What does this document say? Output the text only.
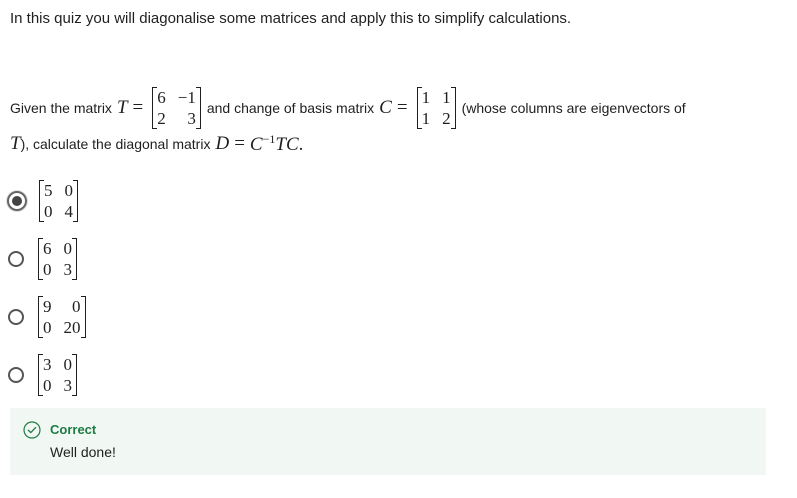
In this quiz you will diagonalise some matrices and apply this to simplify calculations.
Given the matrix T = 6 −1
2	3
and change of basis matrix C = 1 1
1 2
(whose columns are eigenvectors of
T ), calculate the diagonal matrix $D = C^{-1}TC$.
5 0
0 4
6 0
0 3
9	0
0 20
3 0
0 3
Correct
Well done!
